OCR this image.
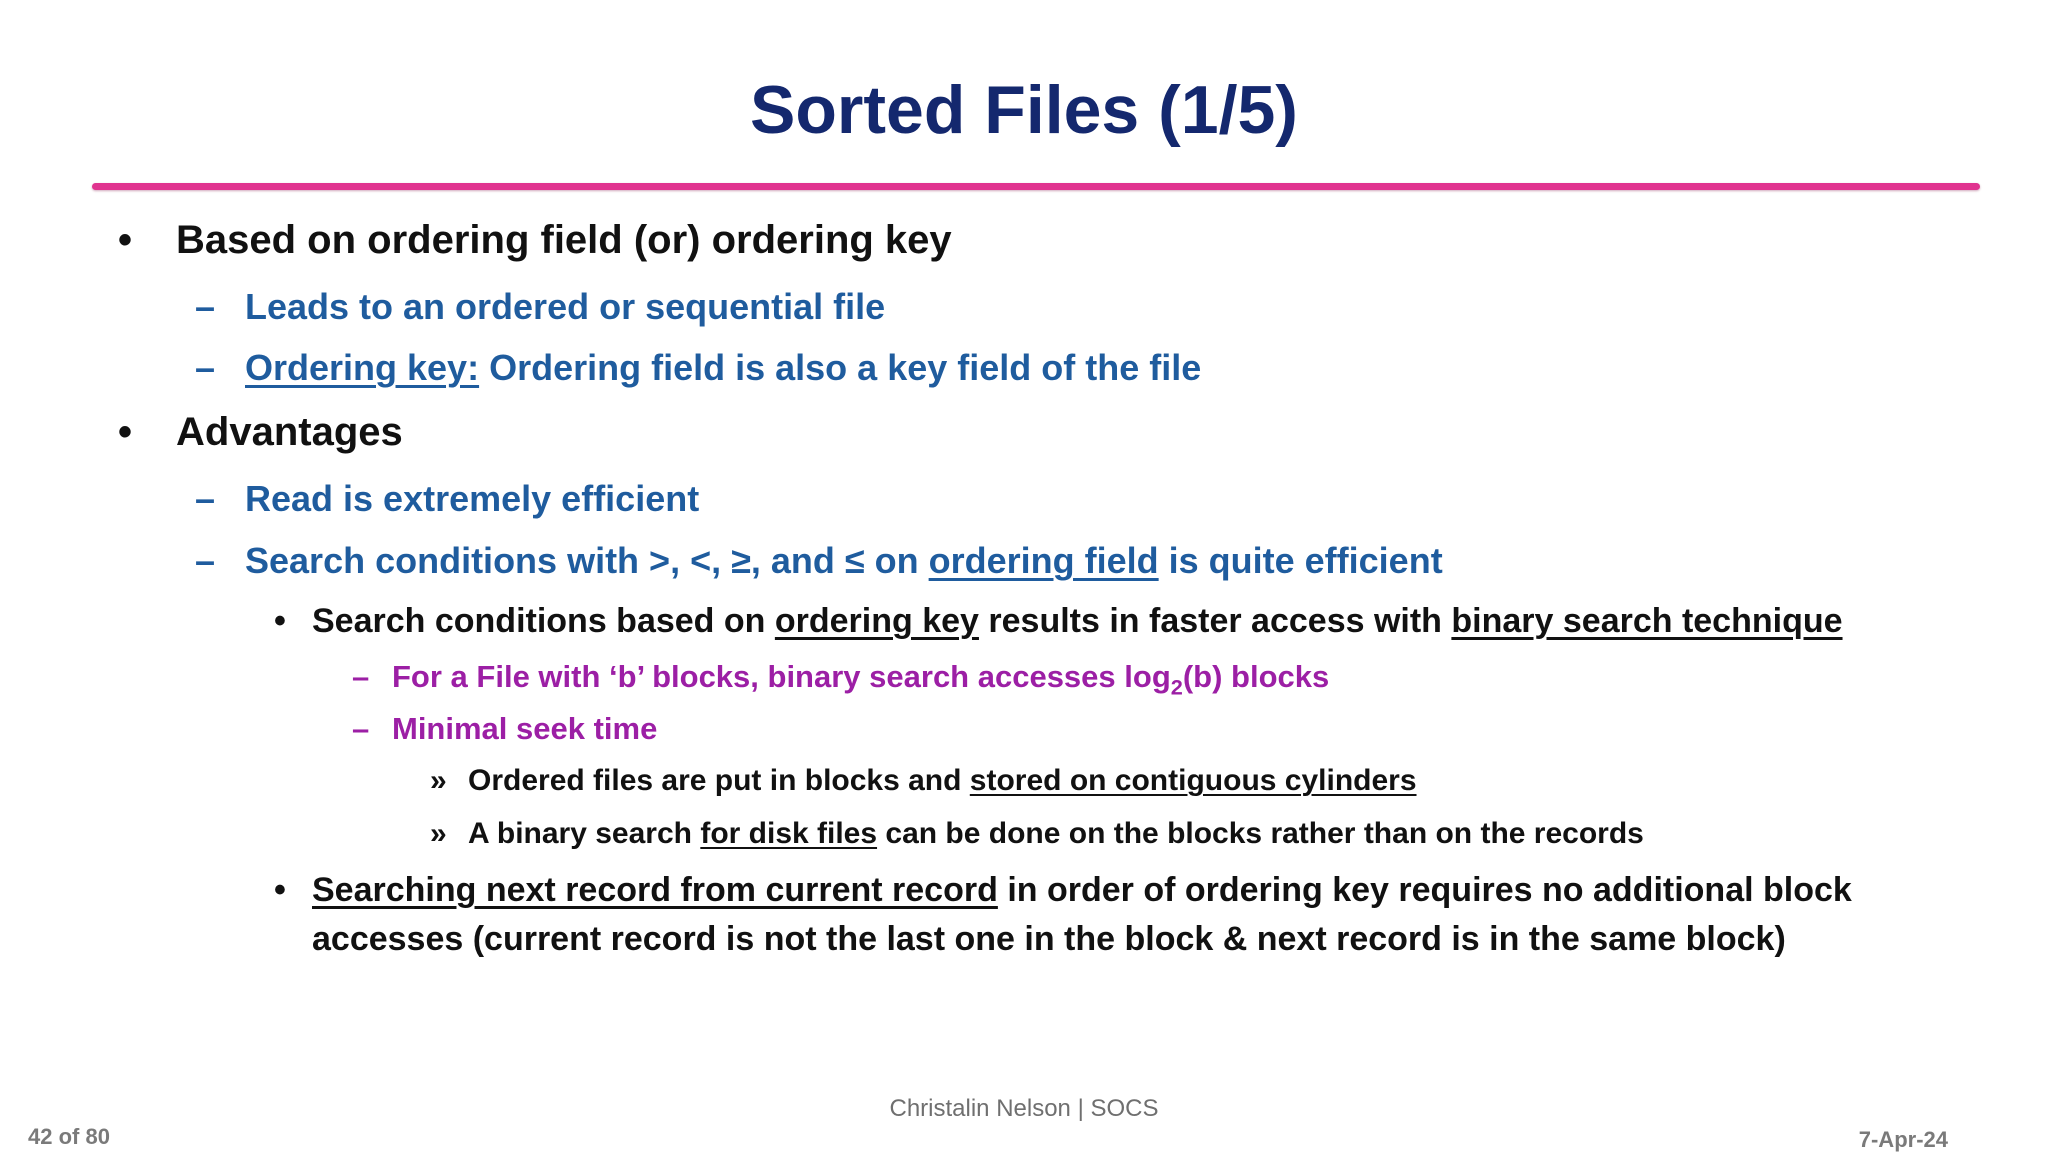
Sorted Files (1/5)
• Based on ordering field (or) ordering key
– Leads to an ordered or sequential file
– Ordering key: Ordering field is also a key field of the file
• Advantages
– Read is extremely efficient
– Search conditions with >, <, ≥, and ≤ on ordering field is quite efficient
• Search conditions based on ordering key results in faster access with binary search technique
– For a File with ‘b’ blocks, binary search accesses $\log_2(b)$ blocks
– Minimal seek time
» Ordered files are put in blocks and stored on contiguous cylinders
» A binary search for disk files can be done on the blocks rather than on the records
• Searching next record from current record in order of ordering key requires no additional block
accesses (current record is not the last one in the block & next record is in the same block)
Christalin Nelson | SOCS
42 of 80	7-Apr-24
